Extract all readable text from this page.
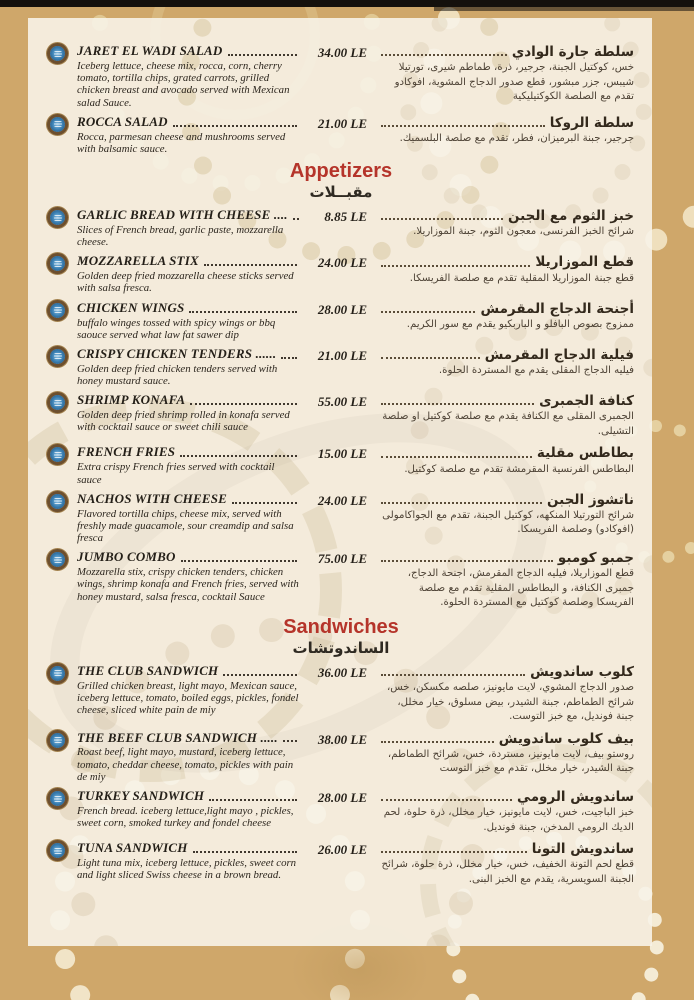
JARET EL WADI SALAD
Iceberg lettuce, cheese mix, rocca, corn, cherry tomato, tortilla chips, grated carrots, grilled chicken breast and avocado served with Mexican salad Sauce.
34.00 LE	سلطة جارة الوادي
خس، كوكتيل الجبنة، جرجير، ذرة، طماطم شيرى، تورتيلا شيبس، جزر مبشور، قطع صدور الدجاج المشوية، افوكادو تقدم مع الصلصة الكوكتيليكية
ROCCA SALAD
Rocca, parmesan cheese and mushrooms served with balsamic sauce.
21.00 LE	سلطة الروكا
جرجير، جبنة البرميزان، فطر، تقدم مع صلصة البلسميك.
Appetizers
مقبــلات
GARLIC BREAD WITH CHEESE ....
Slices of French bread, garlic paste, mozzarella cheese.
8.85 LE	خبز الثوم مع الجبن
شرائح الخبز الفرنسى، معجون الثوم، جبنة الموزاريلا.
MOZZARELLA STIX
Golden deep fried mozzarella cheese sticks served with salsa fresca.
24.00 LE	قطع الموزاريلا
قطع جبنة الموزاريلا المقلية تقدم مع صلصة الفريسكا.
CHICKEN WINGS
buffalo winges tossed with spicy wings or bbq saouce served what law fat sawer dip
28.00 LE	أجنحة الدجاج المقرمش
ممزوج بصوص البافلو و الباربكيو يقدم مع سور الكريم.
CRISPY CHICKEN TENDERS ......
Golden deep fried chicken tenders served with honey mustard sauce.
21.00 LE	فيلية الدجاج المقرمش
فيليه الدجاج المقلى يقدم مع المستردة الحلوة.
SHRIMP KONAFA
Golden deep fried shrimp rolled in konafa served with cocktail sauce or sweet chili sauce
55.00 LE	كنافة الجمبرى
الجمبرى المقلى مع الكنافة يقدم مع صلصة كوكتيل او صلصة التشيلى.
FRENCH FRIES
Extra crispy French fries served with cocktail sauce
15.00 LE	بطاطس مقلية
البطاطس الفرنسية المقرمشة تقدم مع صلصة كوكتيل.
NACHOS WITH CHEESE
Flavored tortilla chips, cheese mix, served with freshly made guacamole, sour creamdip and salsa fresca
24.00 LE	ناتشوز الجبن
شرائح التورتيلا المنكهه، كوكتيل الجبنة، تقدم مع الجواكامولى (افوكادو) وصلصة الفريسكا.
JUMBO COMBO
Mozzarella stix, crispy chicken tenders, chicken wings, shrimp konafa and French fries, served with honey mustard, salsa fresca, cocktail Sauce
75.00 LE	جمبو كومبو
قطع الموزاريلا، فيليه الدجاج المقرمش، اجنحة الدجاج، جمبرى الكنافة، و البطاطس المقلية تقدم مع صلصة الفريسكا وصلصة كوكتيل مع المستردة الحلوة.
Sandwiches
الساندوتشات
THE CLUB SANDWICH
Grilled chicken breast, light mayo, Mexican sauce, iceberg lettuce, tomato, boiled eggs, pickles, fondel cheese, sliced white pain de miy
36.00 LE	كلوب ساندويش
صدور الدجاج المشوي، لايت مايونيز، صلصه مكسكن، خس، شرائح الطماطم، جبنة الشيدر، بيض مسلوق، خيار مخلل، جبنة فونديل، مع خبز التوست.
THE BEEF CLUB SANDWICH .....
Roast beef, light mayo, mustard, iceberg lettuce, tomato, cheddar cheese, tomato, pickles with pain de miy
38.00 LE	بيف كلوب ساندويش
روستو بيف، لايت مايونيز، مستردة، خس، شرائح الطماطم، جبنة الشيدر، خيار مخلل، تقدم مع خبز التوست
TURKEY SANDWICH
French bread. iceberg lettuce,light mayo , pickles, sweet corn, smoked turkey and fondel cheese
28.00 LE	ساندويش الرومي
خبز الباجيت، خس، لايت مايونيز، خيار مخلل، ذرة حلوة، لحم الديك الرومي المدخن، جبنة فونديل.
TUNA SANDWICH
Light tuna mix, iceberg lettuce, pickles, sweet corn and light sliced Swiss cheese in a brown bread.
26.00 LE	ساندويش التونا
قطع لحم التونة الخفيف، خس، خيار مخلل، ذرة حلوة، شرائح الجبنة السويسرية، يقدم مع الخبز البنى.
